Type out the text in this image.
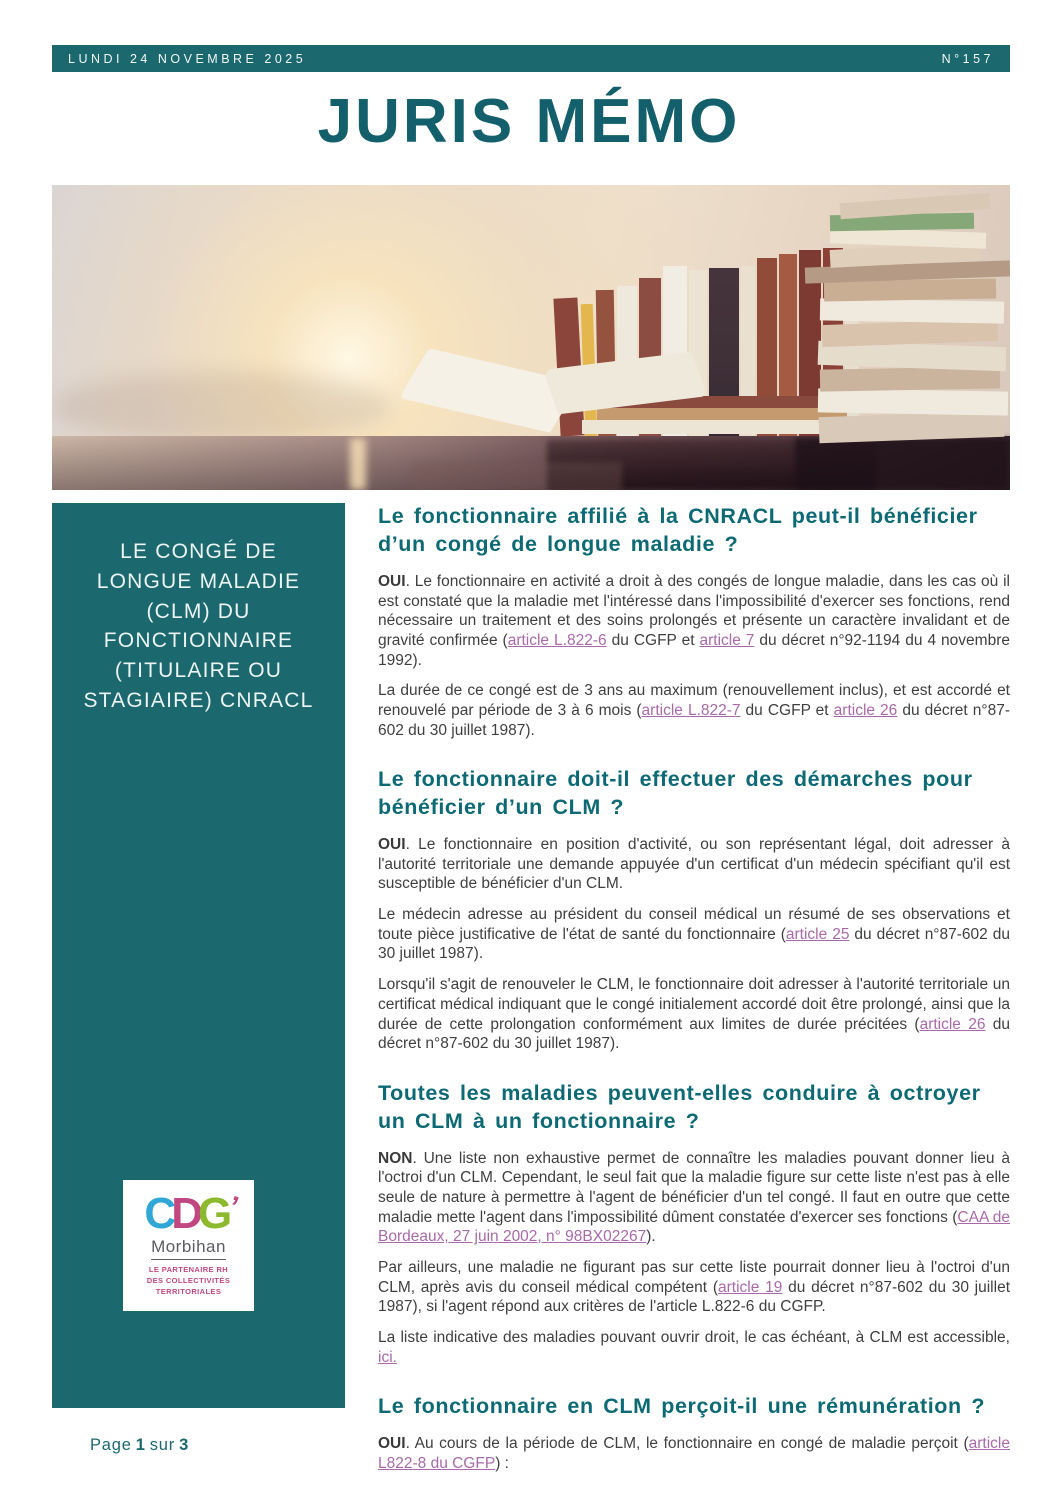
LUNDI 24 NOVEMBRE 2025	N°157
JURIS MÉMO
LE CONGÉ DE LONGUE MALADIE (CLM) DU FONCTIONNAIRE (TITULAIRE OU STAGIAIRE) CNRACL
CDG’
Morbihan
LE PARTENAIRE RH
DES COLLECTIVITÉS
TERRITORIALES
Le fonctionnaire affilié à la CNRACL peut-il bénéficier d’un congé de longue maladie ?

OUI. Le fonctionnaire en activité a droit à des congés de longue maladie, dans les cas où il est constaté que la maladie met l'intéressé dans l'impossibilité d'exercer ses fonctions, rend nécessaire un traitement et des soins prolongés et présente un caractère invalidant et de gravité confirmée (article L.822-6 du CGFP et article 7 du décret n°92-1194 du 4 novembre 1992).

La durée de ce congé est de 3 ans au maximum (renouvellement inclus), et est accordé et renouvelé par période de 3 à 6 mois (article L.822-7 du CGFP et article 26 du décret n°87-602 du 30 juillet 1987).

Le fonctionnaire doit-il effectuer des démarches pour bénéficier d’un CLM ?

OUI. Le fonctionnaire en position d'activité, ou son représentant légal, doit adresser à l'autorité territoriale une demande appuyée d'un certificat d'un médecin spécifiant qu'il est susceptible de bénéficier d'un CLM.

Le médecin adresse au président du conseil médical un résumé de ses observations et toute pièce justificative de l'état de santé du fonctionnaire (article 25 du décret n°87-602 du 30 juillet 1987).

Lorsqu'il s'agit de renouveler le CLM, le fonctionnaire doit adresser à l'autorité territoriale un certificat médical indiquant que le congé initialement accordé doit être prolongé, ainsi que la durée de cette prolongation conformément aux limites de durée précitées (article 26 du décret n°87-602 du 30 juillet 1987).

Toutes les maladies peuvent-elles conduire à octroyer un CLM à un fonctionnaire ?

NON. Une liste non exhaustive permet de connaître les maladies pouvant donner lieu à l'octroi d'un CLM. Cependant, le seul fait que la maladie figure sur cette liste n'est pas à elle seule de nature à permettre à l'agent de bénéficier d'un tel congé. Il faut en outre que cette maladie mette l'agent dans l'impossibilité dûment constatée d'exercer ses fonctions (CAA de Bordeaux, 27 juin 2002, n° 98BX02267).

Par ailleurs, une maladie ne figurant pas sur cette liste pourrait donner lieu à l'octroi d'un CLM, après avis du conseil médical compétent (article 19 du décret n°87-602 du 30 juillet 1987), si l'agent répond aux critères de l'article L.822-6 du CGFP.

La liste indicative des maladies pouvant ouvrir droit, le cas échéant, à CLM est accessible, ici.

Le fonctionnaire en CLM perçoit-il une rémunération ?

OUI. Au cours de la période de CLM, le fonctionnaire en congé de maladie perçoit (article L822-8 du CGFP) :

Page 1 sur 3
